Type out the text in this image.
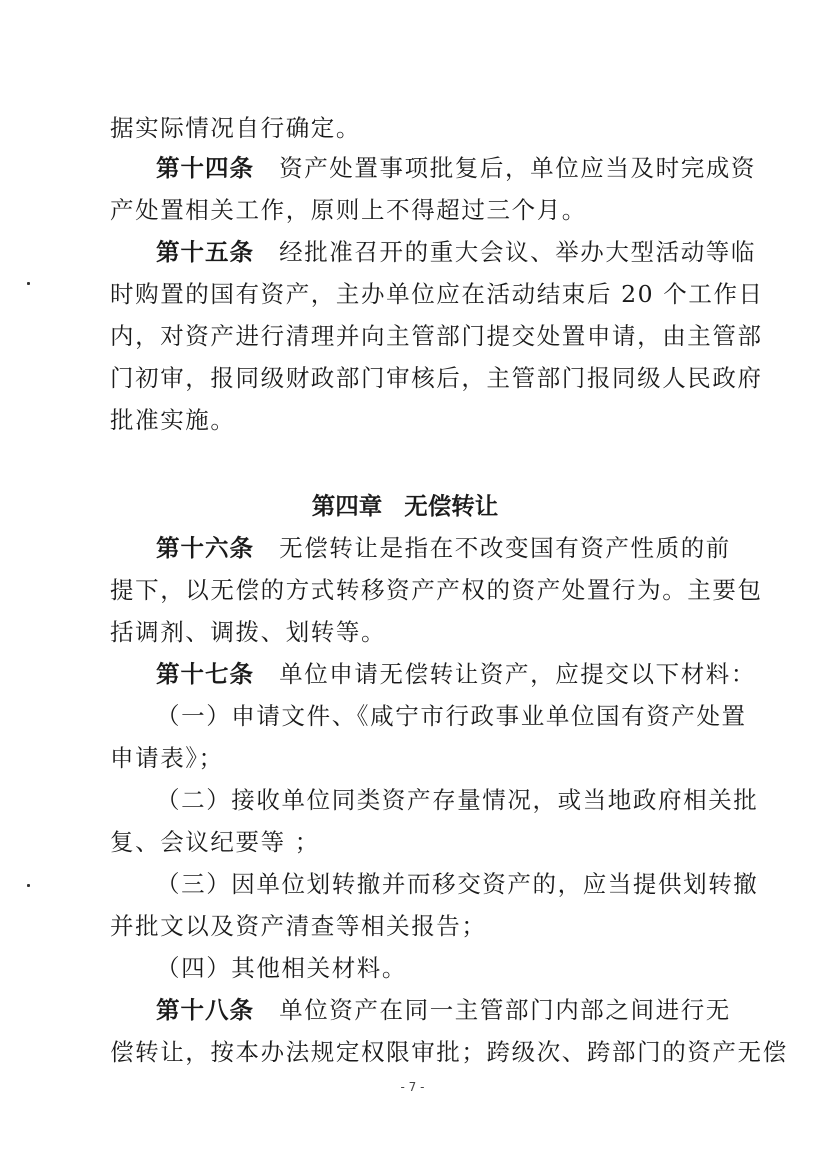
据实际情况自行确定。
第十四条　 资产处置事项批复后，单位应当及时完成资
产处置相关工作，原则上不得超过三个月。
第十五条　 经批准召开的重大会议、举办大型活动等临
时购置的国有资产，主办单位应在活动结束后 20 个工作日
内，对资产进行清理并向主管部门提交处置申请，由主管部
门初审，报同级财政部门审核后，主管部门报同级人民政府
批准实施。
第四章 无偿转让
第十六条　 无偿转让是指在不改变国有资产性质的前
提下，以无偿的方式转移资产产权的资产处置行为。主要包
括调剂、调拨、划转等。
第十七条　 单位申请无偿转让资产，应提交以下材料：
（一）申请文件、《咸宁市行政事业单位国有资产处置
申请表》；
（二）接收单位同类资产存量情况，或当地政府相关批
复、会议纪要等 ；
（三）因单位划转撤并而移交资产的，应当提供划转撤
并批文以及资产清查等相关报告；
（四）其他相关材料。
第十八条　 单位资产在同一主管部门内部之间进行无
偿转让，按本办法规定权限审批；跨级次、跨部门的资产无偿
- 7 -
